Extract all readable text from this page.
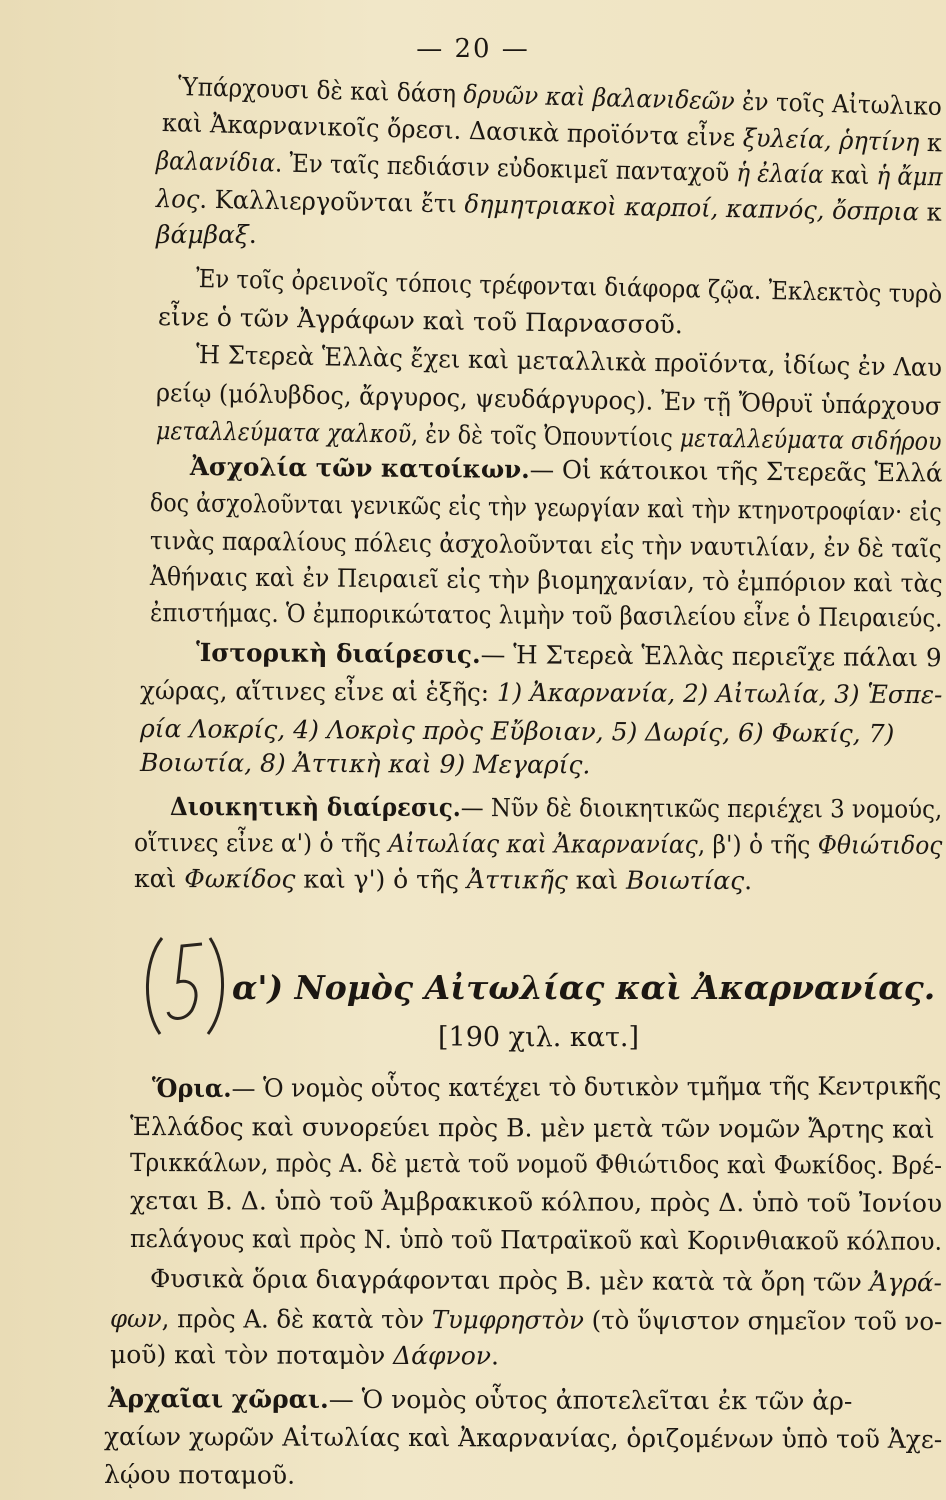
— 20 —
Ὑπάρχουσι δὲ καὶ δάση δρυῶν καὶ βαλανιδεῶν ἐν τοῖς Αἰτωλικο
καὶ Ἀκαρνανικοῖς ὄρεσι. Δασικὰ προϊόντα εἶνε ξυλεία, ῥητίνη κ
βαλανίδια. Ἐν ταῖς πεδιάσιν εὐδοκιμεῖ πανταχοῦ ἡ ἐλαία καὶ ἡ ἄμπ
λος. Καλλιεργοῦνται ἔτι δημητριακοὶ καρποί, καπνός, ὄσπρια κ
βάμβαξ.
Ἐν τοῖς ὀρεινοῖς τόποις τρέφονται διάφορα ζῷα. Ἐκλεκτὸς τυρὸ
εἶνε ὁ τῶν Ἀγράφων καὶ τοῦ Παρνασσοῦ.
Ἡ Στερεὰ Ἑλλὰς ἔχει καὶ μεταλλικὰ προϊόντα, ἰδίως ἐν Λαυ
ρείῳ (μόλυβδος, ἄργυρος, ψευδάργυρος). Ἐν τῇ Ὄθρυϊ ὑπάρχουσ
μεταλλεύματα χαλκοῦ, ἐν δὲ τοῖς Ὀπουντίοις μεταλλεύματα σιδήρου
Ἀσχολία τῶν κατοίκων.— Οἱ κάτοικοι τῆς Στερεᾶς Ἑλλά
δος ἀσχολοῦνται γενικῶς εἰς τὴν γεωργίαν καὶ τὴν κτηνοτροφίαν· εἰς
τινὰς παραλίους πόλεις ἀσχολοῦνται εἰς τὴν ναυτιλίαν, ἐν δὲ ταῖς
Ἀθήναις καὶ ἐν Πειραιεῖ εἰς τὴν βιομηχανίαν, τὸ ἐμπόριον καὶ τὰς
ἐπιστήμας. Ὁ ἐμπορικώτατος λιμὴν τοῦ βασιλείου εἶνε ὁ Πειραιεύς.
Ἱστορικὴ διαίρεσις.— Ἡ Στερεὰ Ἑλλὰς περιεῖχε πάλαι 9
χώρας, αἵτινες εἶνε αἱ ἑξῆς: 1) Ἀκαρνανία, 2) Αἰτωλία, 3) Ἑσπε-
ρία Λοκρίς, 4) Λοκρὶς πρὸς Εὔβοιαν, 5) Δωρίς, 6) Φωκίς, 7)
Βοιωτία, 8) Ἀττικὴ καὶ 9) Μεγαρίς.
Διοικητικὴ διαίρεσις.— Νῦν δὲ διοικητικῶς περιέχει 3 νομούς,
οἵτινες εἶνε α') ὁ τῆς Αἰτωλίας καὶ Ἀκαρνανίας, β') ὁ τῆς Φθιώτιδος
καὶ Φωκίδος καὶ γ') ὁ τῆς Ἀττικῆς καὶ Βοιωτίας.
Ὅρια.— Ὁ νομὸς οὗτος κατέχει τὸ δυτικὸν τμῆμα τῆς Κεντρικῆς
Ἑλλάδος καὶ συνορεύει πρὸς Β. μὲν μετὰ τῶν νομῶν Ἄρτης καὶ
Τρικκάλων, πρὸς Α. δὲ μετὰ τοῦ νομοῦ Φθιώτιδος καὶ Φωκίδος. Βρέ-
χεται Β. Δ. ὑπὸ τοῦ Ἀμβρακικοῦ κόλπου, πρὸς Δ. ὑπὸ τοῦ Ἰονίου
πελάγους καὶ πρὸς Ν. ὑπὸ τοῦ Πατραϊκοῦ καὶ Κορινθιακοῦ κόλπου.
Φυσικὰ ὅρια διαγράφονται πρὸς Β. μὲν κατὰ τὰ ὄρη τῶν Ἀγρά-
φων, πρὸς Α. δὲ κατὰ τὸν Τυμφρηστὸν (τὸ ὕψιστον σημεῖον τοῦ νο-
μοῦ) καὶ τὸν ποταμὸν Δάφνον.
Ἀρχαῖαι χῶραι.— Ὁ νομὸς οὗτος ἀποτελεῖται ἐκ τῶν ἀρ-
χαίων χωρῶν Αἰτωλίας καὶ Ἀκαρνανίας, ὁριζομένων ὑπὸ τοῦ Ἀχε-
λῴου ποταμοῦ.
α') Νομὸς Αἰτωλίας καὶ Ἀκαρνανίας.
[190 χιλ. κατ.]
